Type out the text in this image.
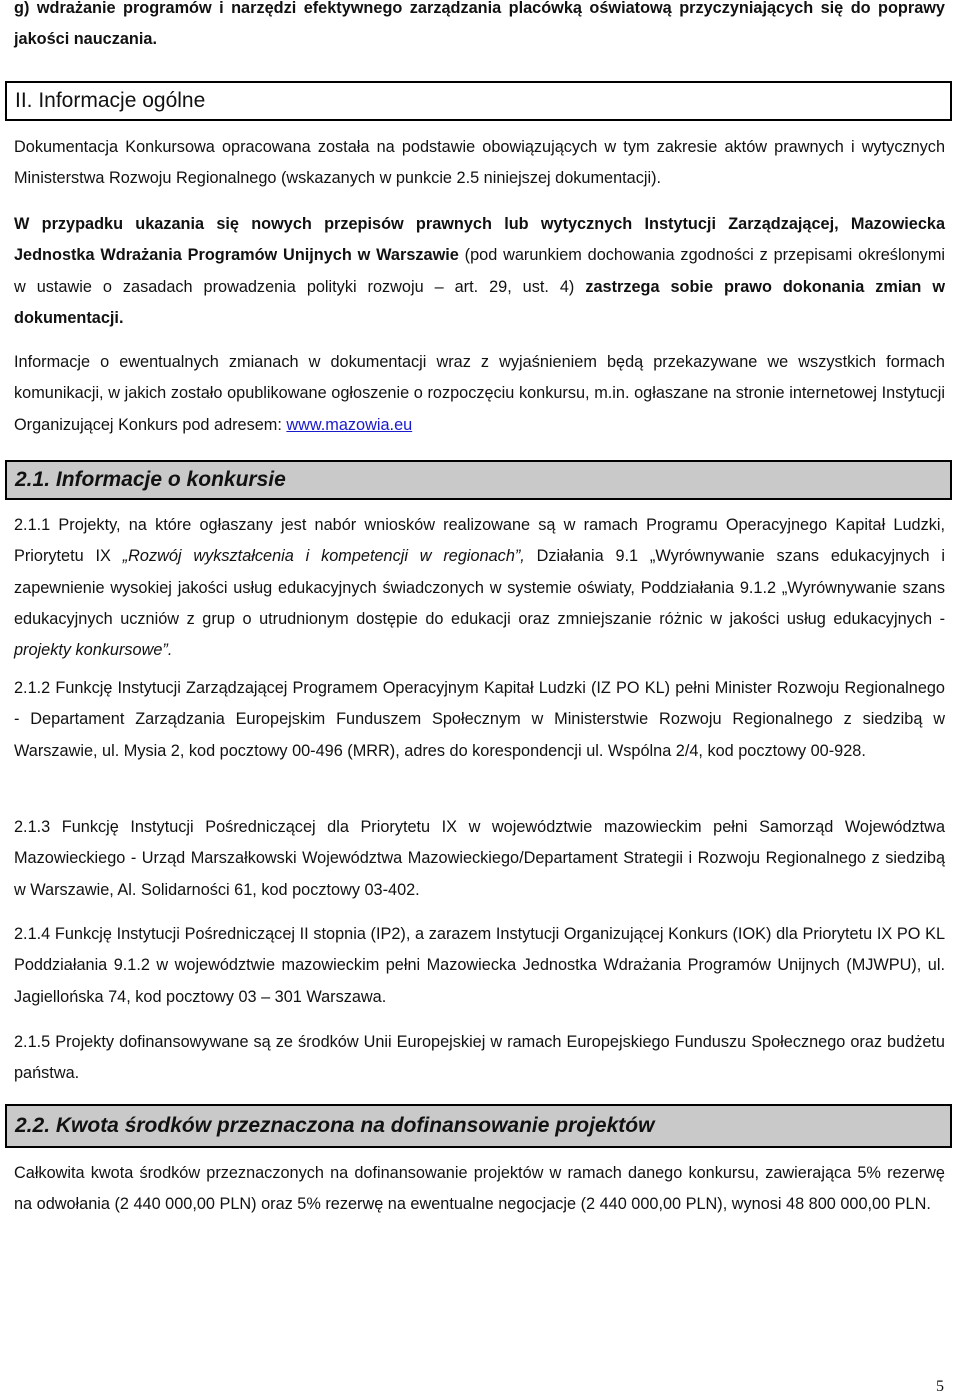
g) wdrażanie programów i narzędzi efektywnego zarządzania placówką oświatową przyczyniających się do poprawy jakości nauczania.

II. Informacje ogólne

Dokumentacja Konkursowa opracowana została na podstawie obowiązujących w tym zakresie aktów prawnych i wytycznych Ministerstwa Rozwoju Regionalnego (wskazanych w punkcie 2.5 niniejszej dokumentacji).

W przypadku ukazania się nowych przepisów prawnych lub wytycznych Instytucji Zarządzającej, Mazowiecka Jednostka Wdrażania Programów Unijnych w Warszawie (pod warunkiem dochowania zgodności z przepisami określonymi w ustawie o zasadach prowadzenia polityki rozwoju – art. 29, ust. 4) zastrzega sobie prawo dokonania zmian w dokumentacji.

Informacje o ewentualnych zmianach w dokumentacji wraz z wyjaśnieniem będą przekazywane we wszystkich formach komunikacji, w jakich zostało opublikowane ogłoszenie o rozpoczęciu konkursu, m.in. ogłaszane na stronie internetowej Instytucji Organizującej Konkurs pod adresem: www.mazowia.eu

2.1. Informacje o konkursie

2.1.1 Projekty, na które ogłaszany jest nabór wniosków realizowane są w ramach Programu Operacyjnego Kapitał Ludzki, Priorytetu IX „Rozwój wykształcenia i kompetencji w regionach”, Działania 9.1 „Wyrównywanie szans edukacyjnych i zapewnienie wysokiej jakości usług edukacyjnych świadczonych w systemie oświaty, Poddziałania 9.1.2 „Wyrównywanie szans edukacyjnych uczniów z grup o utrudnionym dostępie do edukacji oraz zmniejszanie różnic w jakości usług edukacyjnych - projekty konkursowe”.

2.1.2 Funkcję Instytucji Zarządzającej Programem Operacyjnym Kapitał Ludzki (IZ PO KL) pełni Minister Rozwoju Regionalnego - Departament Zarządzania Europejskim Funduszem Społecznym w Ministerstwie Rozwoju Regionalnego z siedzibą w Warszawie, ul. Mysia 2, kod pocztowy 00-496 (MRR), adres do korespondencji ul. Wspólna 2/4, kod pocztowy 00-928.

2.1.3 Funkcję Instytucji Pośredniczącej dla Priorytetu IX w województwie mazowieckim pełni Samorząd Województwa Mazowieckiego - Urząd Marszałkowski Województwa Mazowieckiego/Departament Strategii i Rozwoju Regionalnego z siedzibą w Warszawie, Al. Solidarności 61, kod pocztowy 03-402.

2.1.4 Funkcję Instytucji Pośredniczącej II stopnia (IP2), a zarazem Instytucji Organizującej Konkurs (IOK) dla Priorytetu IX PO KL Poddziałania 9.1.2 w województwie mazowieckim pełni Mazowiecka Jednostka Wdrażania Programów Unijnych (MJWPU), ul. Jagiellońska 74, kod pocztowy 03 – 301 Warszawa.

2.1.5 Projekty dofinansowywane są ze środków Unii Europejskiej w ramach Europejskiego Funduszu Społecznego oraz budżetu państwa.

2.2. Kwota środków przeznaczona na dofinansowanie projektów

Całkowita kwota środków przeznaczonych na dofinansowanie projektów w ramach danego konkursu, zawierająca 5% rezerwę na odwołania (2 440 000,00 PLN) oraz 5% rezerwę na ewentualne negocjacje (2 440 000,00 PLN), wynosi 48 800 000,00 PLN.

5
